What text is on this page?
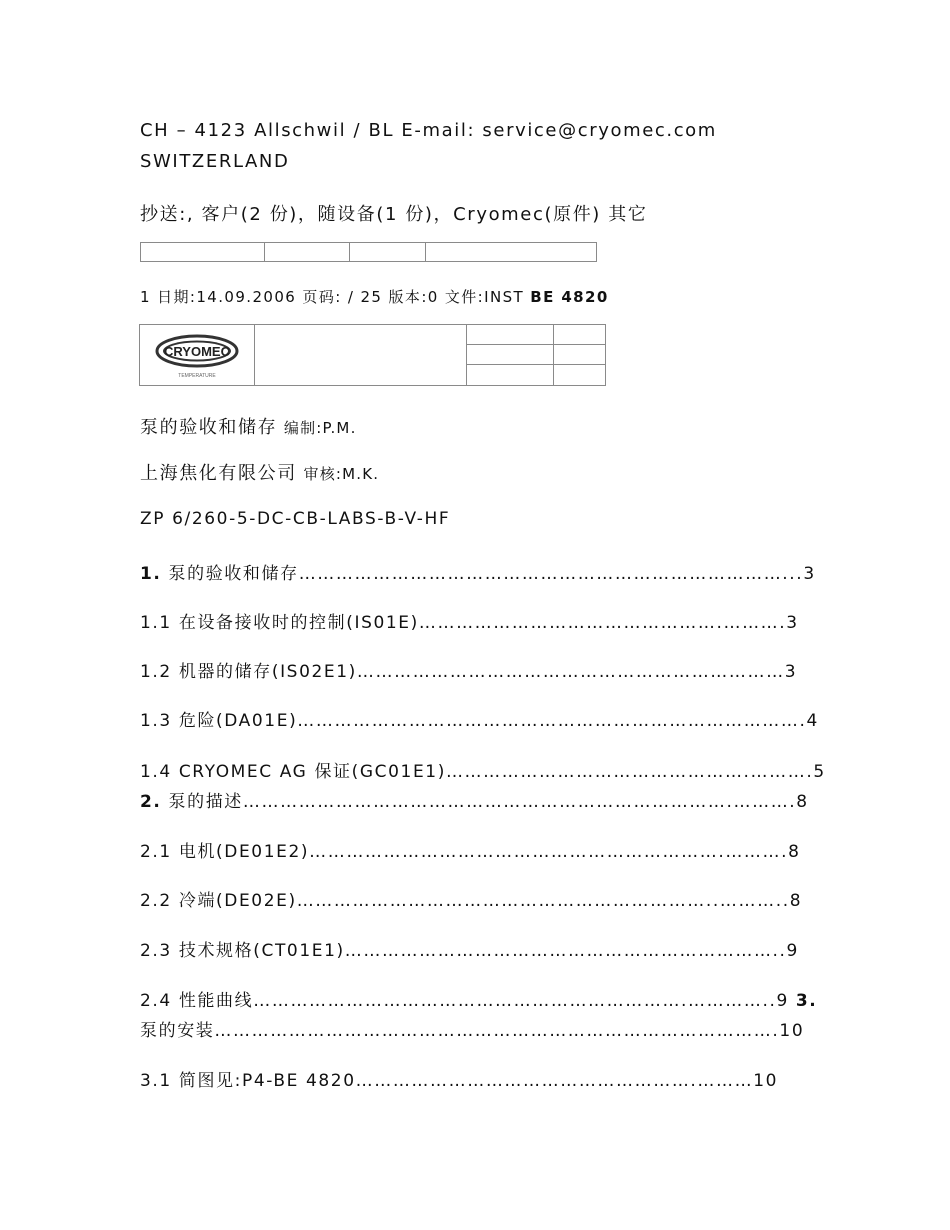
CH – 4123 Allschwil / BL E-mail: service@cryomec.com
SWITZERLAND
抄送:, 客户(2 份)，随设备(1 份)，Cryomec(原件) 其它
1 日期:14.09.2006 页码: / 25 版本:0 文件:INST BE 4820
CRYOMEC
TEMPERATURE
泵的验收和储存 编制:P.M.
上海焦化有限公司 审核:M.K.
ZP 6/260-5-DC-CB-LABS-B-V-HF
1. 泵的验收和储存……………………………………………………………………...3
1.1 在设备接收时的控制(IS01E)………………………………………….……….3
1.2 机器的储存(IS02E1)……………………………………………………………3
1.3 危险(DA01E)……………………………………………………………………….4
1.4 CRYOMEC AG 保证(GC01E1)………………………………………….……….5
2. 泵的描述…………………………………………………………………….……….8
2.1 电机(DE01E2)………………………………………………………….……….8
2.2 冷端(DE02E)…………………………………………………………..………..8
2.3 技术规格(CT01E1)……………………………………………………………..9
2.4 性能曲线…………………………………………………………….…………..9 3.
泵的安装……………………………………………………………………………….10
3.1 简图见:P4-BE 4820……………………………………………….………10
